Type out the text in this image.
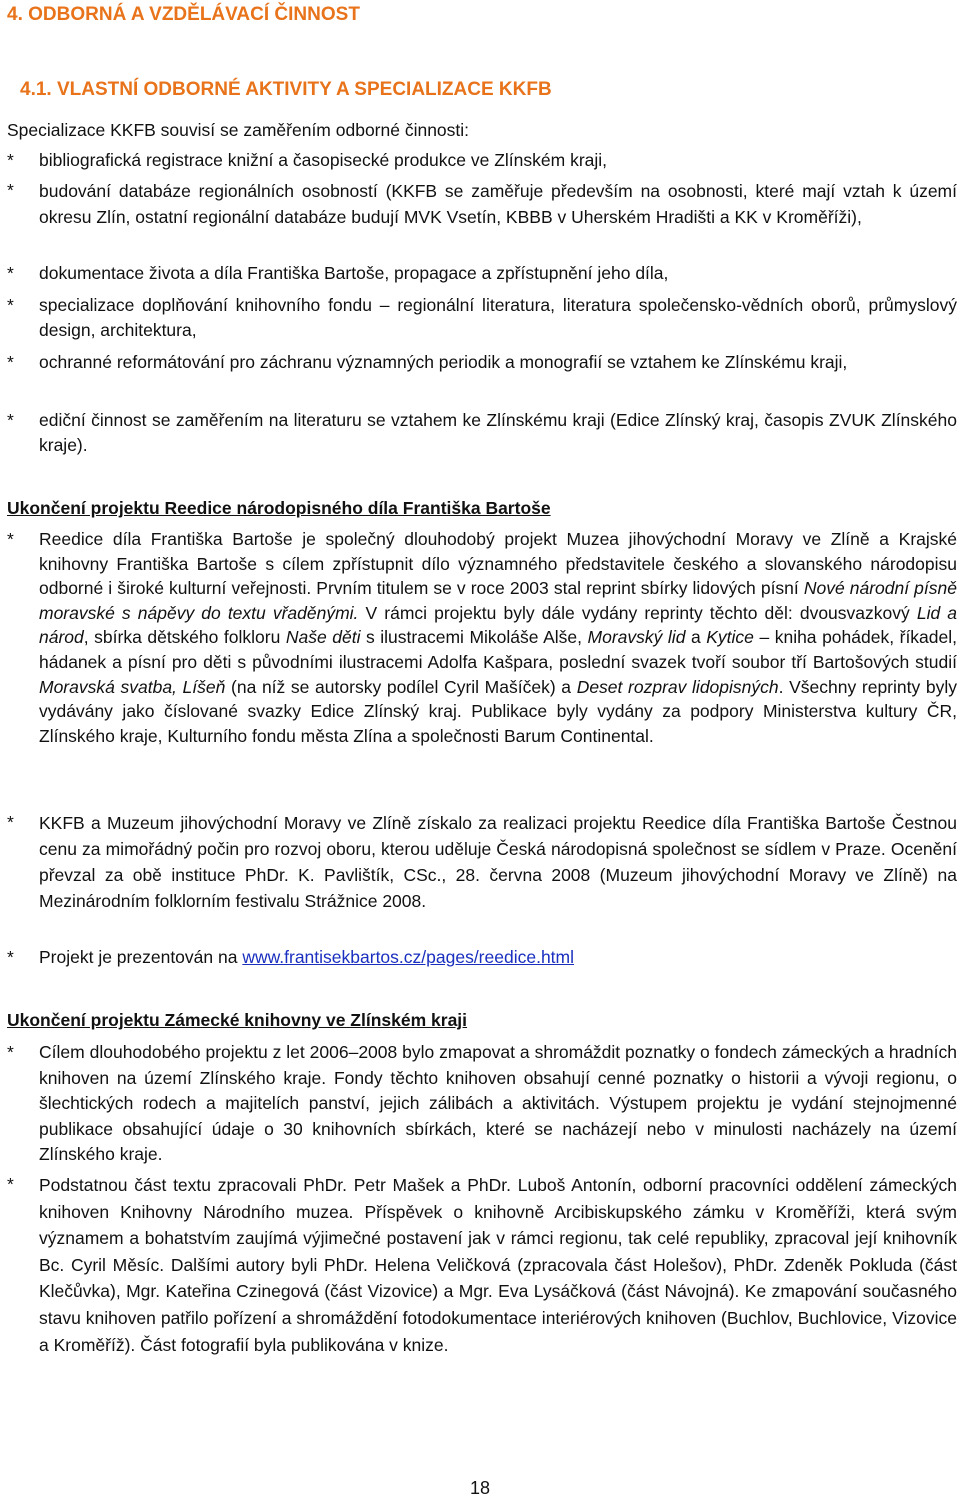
4. ODBORNÁ A VZDĚLÁVACÍ ČINNOST
4.1. VLASTNÍ ODBORNÉ AKTIVITY A SPECIALIZACE KKFB
Specializace KKFB souvisí se zaměřením odborné činnosti:
* bibliografická registrace knižní a časopisecké produkce ve Zlínském kraji,
* budování databáze regionálních osobností (KKFB se zaměřuje především na osobnosti, které mají vztah k území okresu Zlín, ostatní regionální databáze budují MVK Vsetín, KBBB v Uherském Hradišti a KK v Kroměříži),
* dokumentace života a díla Františka Bartoše, propagace a zpřístupnění jeho díla,
* specializace doplňování knihovního fondu – regionální literatura, literatura společensko-vědních oborů, průmyslový design, architektura,
* ochranné reformátování pro záchranu významných periodik a monografií se vztahem ke Zlínskému kraji,
* ediční činnost se zaměřením na literaturu se vztahem ke Zlínskému kraji (Edice Zlínský kraj, časopis ZVUK Zlínského kraje).
Ukončení projektu Reedice národopisného díla Františka Bartoše
* Reedice díla Františka Bartoše je společný dlouhodobý projekt Muzea jihovýchodní Moravy ve Zlíně a Krajské knihovny Františka Bartoše s cílem zpřístupnit dílo významného představitele českého a slovanského národopisu odborné i široké kulturní veřejnosti. Prvním titulem se v roce 2003 stal reprint sbírky lidových písní Nové národní písně moravské s nápěvy do textu vřaděnými. V rámci projektu byly dále vydány reprinty těchto děl: dvousvazkový Lid a národ, sbírka dětského folkloru Naše děti s ilustracemi Mikoláše Alše, Moravský lid a Kytice – kniha pohádek, říkadel, hádanek a písní pro děti s původními ilustracemi Adolfa Kašpara, poslední svazek tvoří soubor tří Bartošových studií Moravská svatba, Líšeň (na níž se autorsky podílel Cyril Mašíček) a Deset rozprav lidopisných. Všechny reprinty byly vydávány jako číslované svazky Edice Zlínský kraj. Publikace byly vydány za podpory Ministerstva kultury ČR, Zlínského kraje, Kulturního fondu města Zlína a společnosti Barum Continental.
* KKFB a Muzeum jihovýchodní Moravy ve Zlíně získalo za realizaci projektu Reedice díla Františka Bartoše Čestnou cenu za mimořádný počin pro rozvoj oboru, kterou uděluje Česká národopisná společnost se sídlem v Praze. Ocenění převzal za obě instituce PhDr. K. Pavlištík, CSc., 28. června 2008 (Muzeum jihovýchodní Moravy ve Zlíně) na Mezinárodním folklorním festivalu Strážnice 2008.
* Projekt je prezentován na www.frantisekbartos.cz/pages/reedice.html
Ukončení projektu Zámecké knihovny ve Zlínském kraji
* Cílem dlouhodobého projektu z let 2006–2008 bylo zmapovat a shromáždit poznatky o fondech zámeckých a hradních knihoven na území Zlínského kraje. Fondy těchto knihoven obsahují cenné poznatky o historii a vývoji regionu, o šlechtických rodech a majitelích panství, jejich zálibách a aktivitách. Výstupem projektu je vydání stejnojmenné publikace obsahující údaje o 30 knihovních sbírkách, které se nacházejí nebo v minulosti nacházely na území Zlínského kraje.
* Podstatnou část textu zpracovali PhDr. Petr Mašek a PhDr. Luboš Antonín, odborní pracovníci oddělení zámeckých knihoven Knihovny Národního muzea. Příspěvek o knihovně Arcibiskupského zámku v Kroměříži, která svým významem a bohatstvím zaujímá výjimečné postavení jak v rámci regionu, tak celé republiky, zpracoval její knihovník Bc. Cyril Měsíc. Dalšími autory byli PhDr. Helena Veličková (zpracovala část Holešov), PhDr. Zdeněk Pokluda (část Klečůvka), Mgr. Kateřina Czinegová (část Vizovice) a Mgr. Eva Lysáčková (část Návojná). Ke zmapování současného stavu knihoven patřilo pořízení a shromáždění fotodokumentace interiérových knihoven (Buchlov, Buchlovice, Vizovice a Kroměříž). Část fotografií byla publikována v knize.
18
